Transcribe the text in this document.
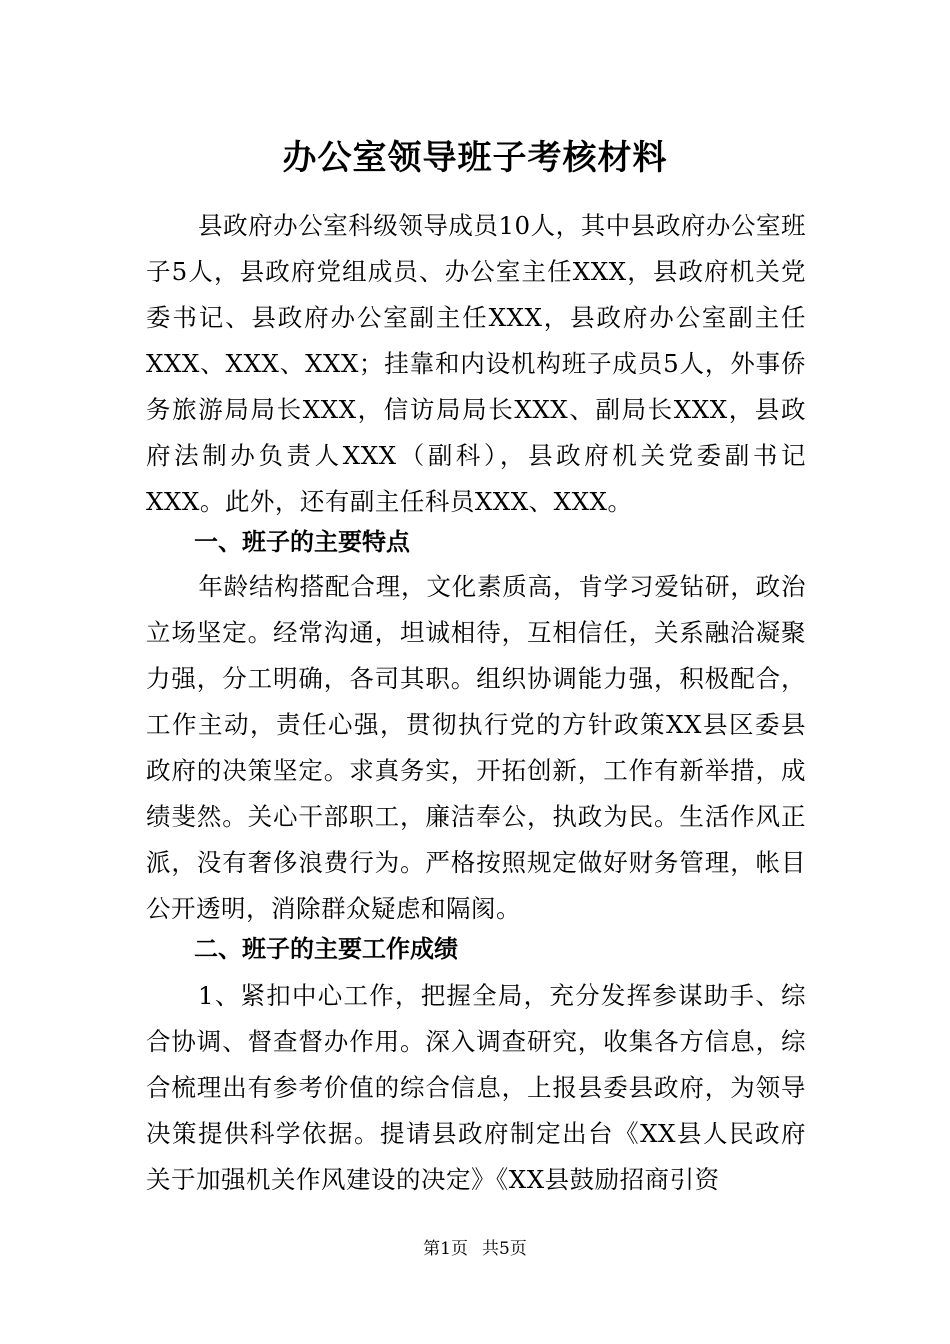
办公室领导班子考核材料

县政府办公室科级领导成员10人，其中县政府办公室班子5人，县政府党组成员、办公室主任XXX，县政府机关党委书记、县政府办公室副主任XXX，县政府办公室副主任XXX、XXX、XXX；挂靠和内设机构班子成员5人，外事侨务旅游局局长XXX，信访局局长XXX、副局长XXX，县政府法制办负责人XXX（副科），县政府机关党委副书记XXX。此外，还有副主任科员XXX、XXX。

一、班子的主要特点

年龄结构搭配合理，文化素质高，肯学习爱钻研，政治立场坚定。经常沟通，坦诚相待，互相信任，关系融洽凝聚力强，分工明确，各司其职。组织协调能力强，积极配合，工作主动，责任心强，贯彻执行党的方针政策XX县区委县政府的决策坚定。求真务实，开拓创新，工作有新举措，成绩斐然。关心干部职工，廉洁奉公，执政为民。生活作风正派，没有奢侈浪费行为。严格按照规定做好财务管理，帐目公开透明，消除群众疑虑和隔阂。

二、班子的主要工作成绩

1、紧扣中心工作，把握全局，充分发挥参谋助手、综合协调、督查督办作用。深入调查研究，收集各方信息，综合梳理出有参考价值的综合信息，上报县委县政府，为领导决策提供科学依据。提请县政府制定出台《XX县人民政府关于加强机关作风建设的决定》《XX县鼓励招商引资

第1页 共5页
